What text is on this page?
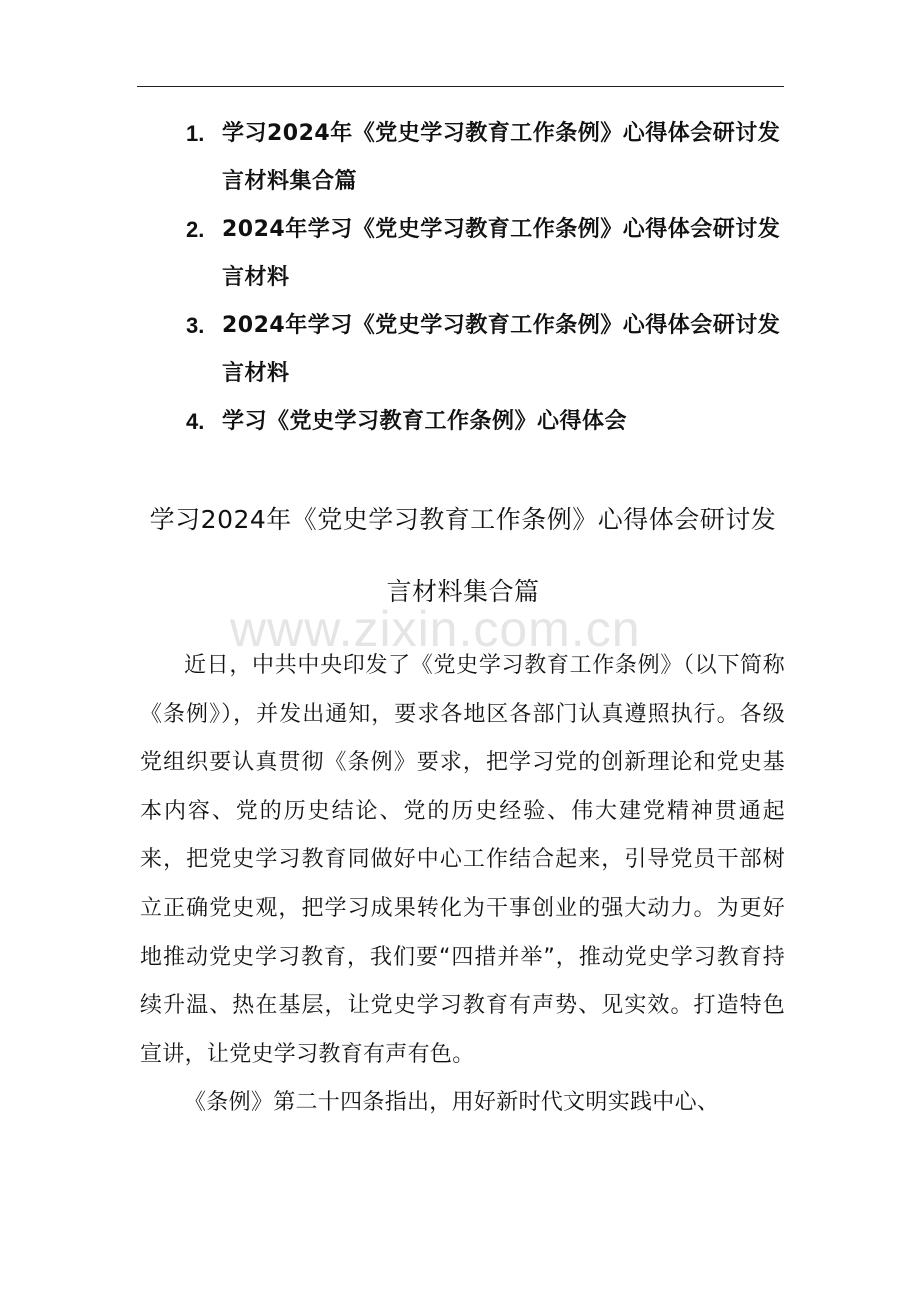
1. 学习2024年《党史学习教育工作条例》心得体会研讨发言材料集合篇
2. 2024年学习《党史学习教育工作条例》心得体会研讨发言材料
3. 2024年学习《党史学习教育工作条例》心得体会研讨发言材料
4. 学习《党史学习教育工作条例》心得体会
学习2024年《党史学习教育工作条例》心得体会研讨发言材料集合篇
www.zixin.com.cn

近日，中共中央印发了《党史学习教育工作条例》（以下简称《条例》），并发出通知，要求各地区各部门认真遵照执行。各级党组织要认真贯彻《条例》要求，把学习党的创新理论和党史基本内容、党的历史结论、党的历史经验、伟大建党精神贯通起来，把党史学习教育同做好中心工作结合起来，引导党员干部树立正确党史观，把学习成果转化为干事创业的强大动力。为更好地推动党史学习教育，我们要“四措并举”，推动党史学习教育持续升温、热在基层，让党史学习教育有声势、见实效。打造特色宣讲，让党史学习教育有声有色。

《条例》第二十四条指出，用好新时代文明实践中心、
